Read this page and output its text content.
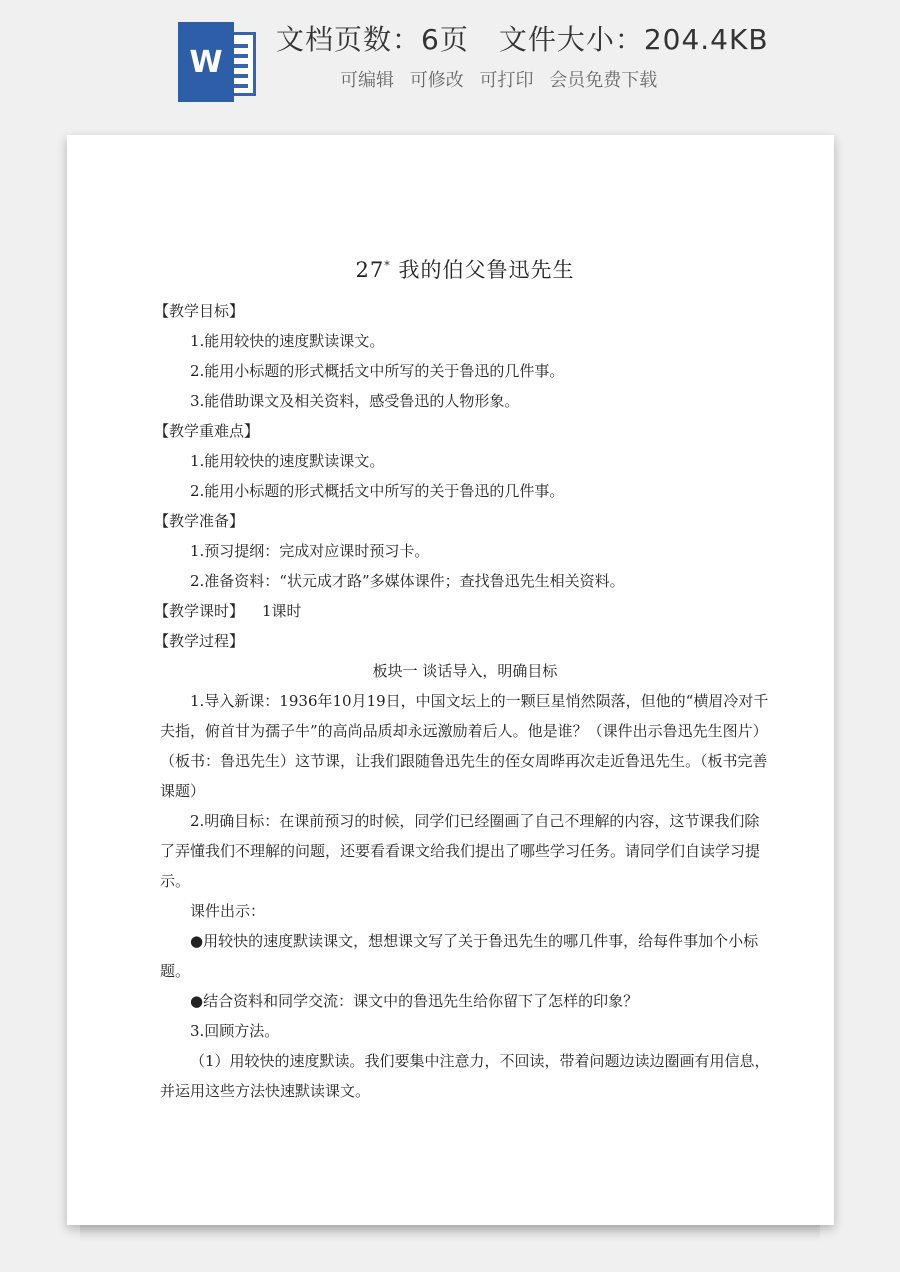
W
文档页数：6页 文件大小：204.4KB
可编辑 可修改 可打印 会员免费下载
27* 我的伯父鲁迅先生

【教学目标】

1.能用较快的速度默读课文。

2.能用小标题的形式概括文中所写的关于鲁迅的几件事。

3.能借助课文及相关资料，感受鲁迅的人物形象。

【教学重难点】

1.能用较快的速度默读课文。

2.能用小标题的形式概括文中所写的关于鲁迅的几件事。

【教学准备】

1.预习提纲：完成对应课时预习卡。

2.准备资料：“状元成才路”多媒体课件；查找鲁迅先生相关资料。

【教学课时】 1课时

【教学过程】

板块一 谈话导入，明确目标

1.导入新课：1936年10月19日，中国文坛上的一颗巨星悄然陨落，但他的“横眉冷对千夫指，俯首甘为孺子牛”的高尚品质却永远激励着后人。他是谁？（课件出示鲁迅先生图片）（板书：鲁迅先生）这节课，让我们跟随鲁迅先生的侄女周晔再次走近鲁迅先生。（板书完善课题）

2.明确目标：在课前预习的时候，同学们已经圈画了自己不理解的内容，这节课我们除了弄懂我们不理解的问题，还要看看课文给我们提出了哪些学习任务。请同学们自读学习提示。

课件出示：

●用较快的速度默读课文，想想课文写了关于鲁迅先生的哪几件事，给每件事加个小标题。

●结合资料和同学交流：课文中的鲁迅先生给你留下了怎样的印象？

3.回顾方法。

（1）用较快的速度默读。我们要集中注意力，不回读，带着问题边读边圈画有用信息，并运用这些方法快速默读课文。
